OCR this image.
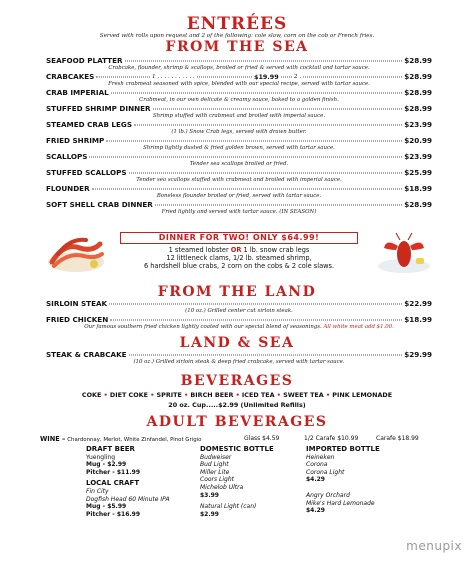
ENTRÉES
Served with rolls upon request and 2 of the following: cole slaw, corn on the cob or French fries.
FROM THE SEA
SEAFOOD PLATTER	$28.99
Crabcake, flounder, shrimp & scallops, broiled or fried & served with cocktail and tartar sauce.
CRABCAKES	$28.99
1 . . . . . . . . . . .	$19.99	2 .
Fresh crabmeat seasoned with spice, blended with our special recipe, served with tartar sauce.
CRAB IMPERIAL	$28.99
Crabmeat, in our own delicate & creamy sauce, baked to a golden finish.
STUFFED SHRIMP DINNER	$28.99
Shrimp stuffed with crabmeat and broiled with imperial sauce.
STEAMED CRAB LEGS	$23.99
(1 lb.) Snow Crab legs, served with drawn butter.
FRIED SHRIMP	$20.99
Shrimp lightly dusted & fried golden brown, served with tartar sauce.
SCALLOPS	$23.99
Tender sea scallops broiled or fried.
STUFFED SCALLOPS	$25.99
Tender sea scallops stuffed with crabmeat and broiled with imperial sauce.
FLOUNDER	$18.99
Boneless flounder broiled or fried, served with tartar sauce.
SOFT SHELL CRAB DINNER	$28.99
Fried lightly and served with tartar sauce. (IN SEASON)
DINNER FOR TWO! ONLY $64.99!
1 steamed lobster OR 1 lb. snow crab legs
12 littleneck clams, 1/2 lb. steamed shrimp,
6 hardshell blue crabs, 2 corn on the cobs & 2 cole slaws.
FROM THE LAND
SIRLOIN STEAK	$22.99
(10 oz.) Grilled center cut sirloin steak.
FRIED CHICKEN	$18.99
Our famous southern fried chicken lightly coated with our special blend of seasonings. All white meat add $1.00.
LAND & SEA
STEAK & CRABCAKE	$29.99
(10 oz.) Grilled sirloin steak & deep fried crabcake, served with tartar sauce.
BEVERAGES
COKE • DIET COKE • SPRITE • BIRCH BEER • ICED TEA • SWEET TEA • PINK LEMONADE
20 oz. Cup.....$2.99 (Unlimited Refills)
ADULT BEVERAGES
WINE – Chardonnay, Merlot, White Zinfandel, Pinot Grigio	Glass $4.59	1/2 Carafe $10.99	Carafe $18.99
DRAFT BEER
Yuengling
Mug - $2.99
Pitcher - $11.99
LOCAL CRAFT
Fin City
Dogfish Head 60 Minute IPA
Mug - $5.99
Pitcher - $16.99
DOMESTIC BOTTLE
Budweiser
Bud Light
Miller Lite
Coors Light
Michelob Ultra
$3.99
Natural Light (can)
$2.99
IMPORTED BOTTLE
Heineken
Corona
Corona Light
$4.29
Angry Orchard
Mike's Hard Lemonade
$4.29
menupix
